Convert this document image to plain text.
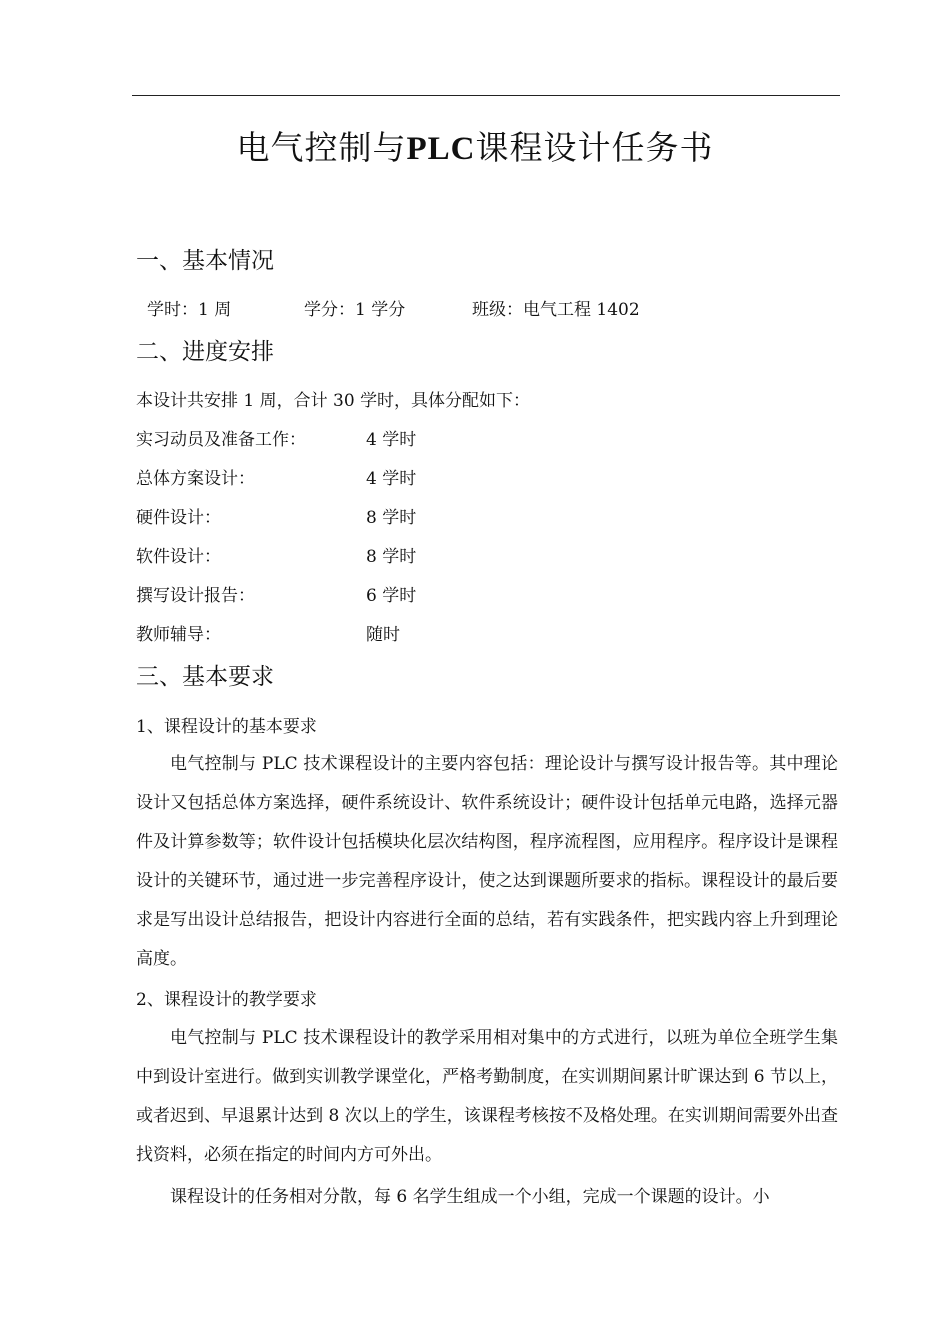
电气控制与PLC课程设计任务书
一、基本情况
学时：1 周	学分：1 学分	班级：电气工程 1402
二、进度安排
本设计共安排 1 周，合计 30 学时，具体分配如下：
实习动员及准备工作：	4 学时
总体方案设计：	4 学时
硬件设计：	8 学时
软件设计：	8 学时
撰写设计报告：	6 学时
教师辅导：	随时
三、基本要求
1、课程设计的基本要求

电气控制与 PLC 技术课程设计的主要内容包括：理论设计与撰写设计报告等。其中理论设计又包括总体方案选择，硬件系统设计、软件系统设计；硬件设计包括单元电路，选择元器件及计算参数等；软件设计包括模块化层次结构图，程序流程图，应用程序。程序设计是课程设计的关键环节，通过进一步完善程序设计，使之达到课题所要求的指标。课程设计的最后要求是写出设计总结报告，把设计内容进行全面的总结，若有实践条件，把实践内容上升到理论高度。

2、课程设计的教学要求

电气控制与 PLC 技术课程设计的教学采用相对集中的方式进行，以班为单位全班学生集中到设计室进行。做到实训教学课堂化，严格考勤制度，在实训期间累计旷课达到 6 节以上，或者迟到、早退累计达到 8 次以上的学生，该课程考核按不及格处理。在实训期间需要外出查找资料，必须在指定的时间内方可外出。

课程设计的任务相对分散，每 6 名学生组成一个小组，完成一个课题的设计。小
